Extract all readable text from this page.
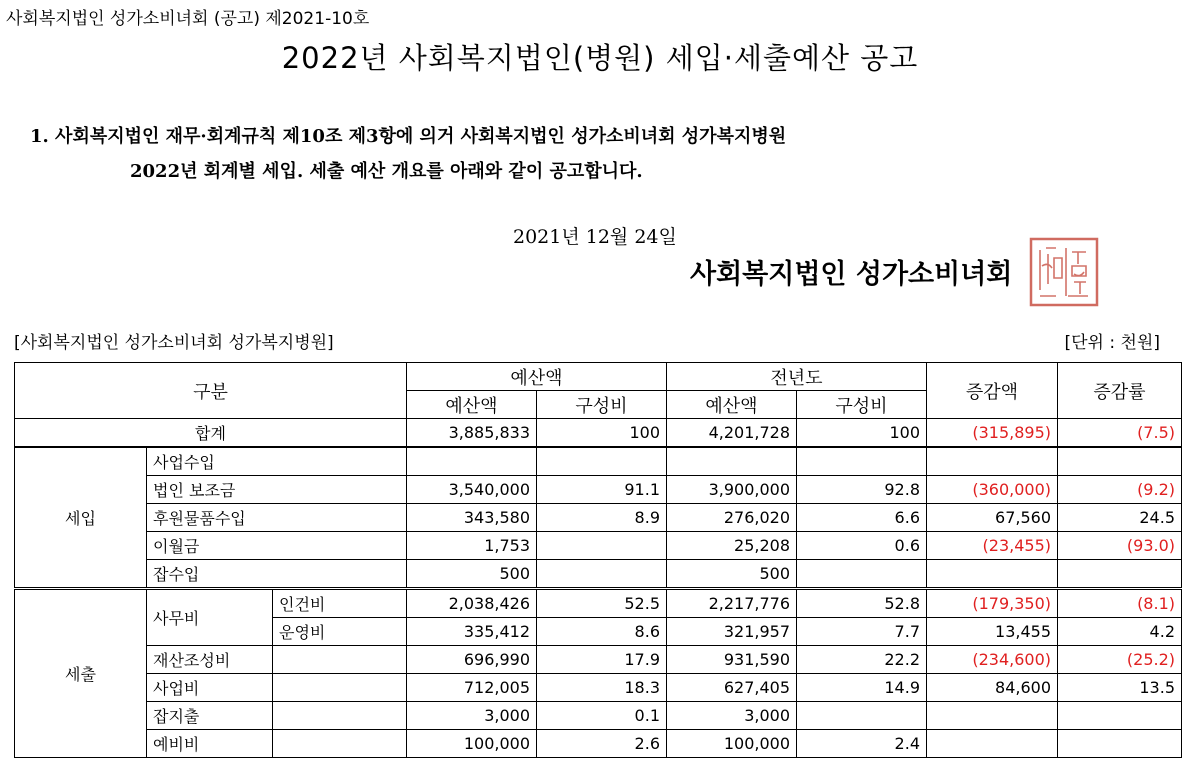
사회복지법인 성가소비녀회 (공고) 제2021-10호
2022년 사회복지법인(병원) 세입·세출예산 공고
1. 사회복지법인 재무·회계규칙 제10조 제3항에 의거 사회복지법인 성가소비녀회 성가복지병원
2022년 회계별 세입. 세출 예산 개요를 아래와 같이 공고합니다.
2021년 12월 24일
사회복지법인 성가소비녀회
[사회복지법인 성가소비녀회 성가복지병원]	[단위 : 천원]
구분			예산액		전년도		증감액	증감률
			예산액	구성비	예산액	구성비		
합계			3,885,833	100	4,201,728	100	(315,895)	(7.5)
세입	사업수입							
	법인 보조금		3,540,000	91.1	3,900,000	92.8	(360,000)	(9.2)
	후원물품수입		343,580	8.9	276,020	6.6	67,560	24.5
	이월금		1,753		25,208	0.6	(23,455)	(93.0)
	잡수입		500		500			
세출	사무비	인건비	2,038,426	52.5	2,217,776	52.8	(179,350)	(8.1)
		운영비	335,412	8.6	321,957	7.7	13,455	4.2
	재산조성비		696,990	17.9	931,590	22.2	(234,600)	(25.2)
	사업비		712,005	18.3	627,405	14.9	84,600	13.5
	잡지출		3,000	0.1	3,000			
	예비비		100,000	2.6	100,000	2.4		
